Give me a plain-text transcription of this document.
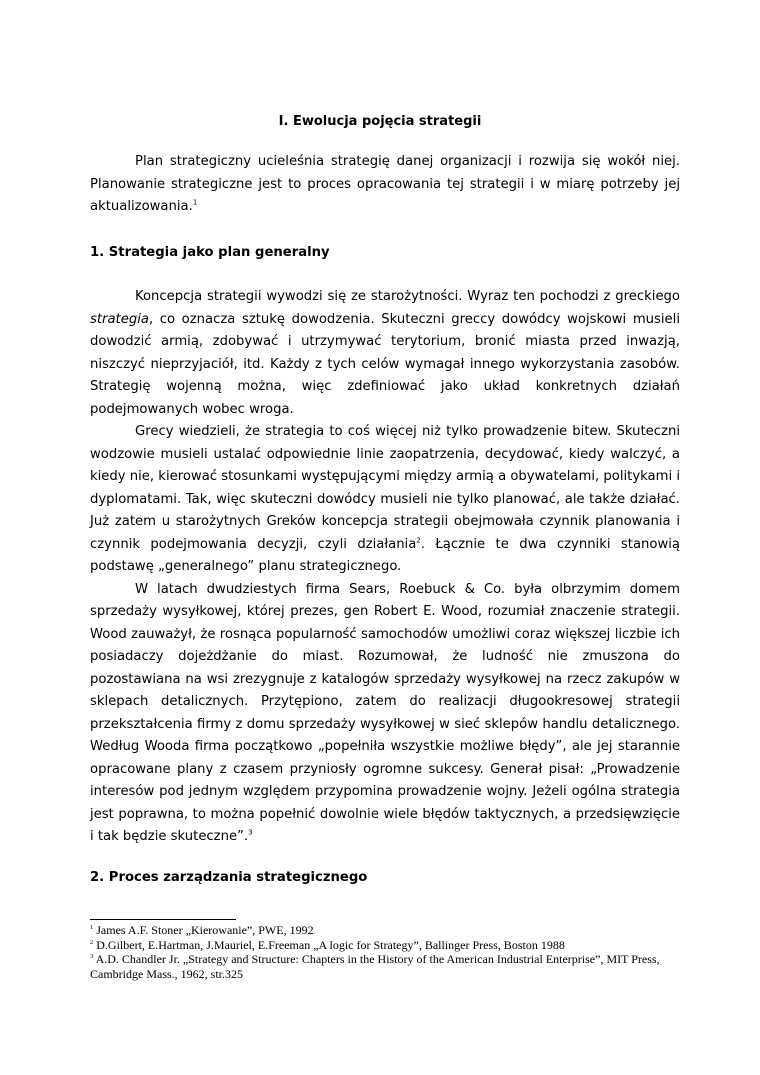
I. Ewolucja pojęcia strategii

Plan strategiczny ucieleśnia strategię danej organizacji i rozwija się wokół niej. Planowanie strategiczne jest to proces opracowania tej strategii i w miarę potrzeby jej aktualizowania.$^1$

1. Strategia jako plan generalny

Koncepcja strategii wywodzi się ze starożytności. Wyraz ten pochodzi z greckiego strategia, co oznacza sztukę dowodzenia. Skuteczni greccy dowódcy wojskowi musieli dowodzić armią, zdobywać i utrzymywać terytorium, bronić miasta przed inwazją, niszczyć nieprzyjaciół, itd. Każdy z tych celów wymagał innego wykorzystania zasobów. Strategię wojenną można, więc zdefiniować jako układ konkretnych działań podejmowanych wobec wroga.

Grecy wiedzieli, że strategia to coś więcej niż tylko prowadzenie bitew. Skuteczni wodzowie musieli ustalać odpowiednie linie zaopatrzenia, decydować, kiedy walczyć, a kiedy nie, kierować stosunkami występującymi między armią a obywatelami, politykami i dyplomatami. Tak, więc skuteczni dowódcy musieli nie tylko planować, ale także działać. Już zatem u starożytnych Greków koncepcja strategii obejmowała czynnik planowania i czynnik podejmowania decyzji, czyli działania$^2$. Łącznie te dwa czynniki stanowią podstawę „generalnego” planu strategicznego.

W latach dwudziestych firma Sears, Roebuck & Co. była olbrzymim domem sprzedaży wysyłkowej, której prezes, gen Robert E. Wood, rozumiał znaczenie strategii. Wood zauważył, że rosnąca popularność samochodów umożliwi coraz większej liczbie ich posiadaczy dojeżdżanie do miast. Rozumował, że ludność nie zmuszona do pozostawiana na wsi zrezygnuje z katalogów sprzedaży wysyłkowej na rzecz zakupów w sklepach detalicznych. Przytępiono, zatem do realizacji długookresowej strategii przekształcenia firmy z domu sprzedaży wysyłkowej w sieć sklepów handlu detalicznego. Według Wooda firma początkowo „popełniła wszystkie możliwe błędy”, ale jej starannie opracowane plany z czasem przyniosły ogromne sukcesy. Generał pisał: „Prowadzenie interesów pod jednym względem przypomina prowadzenie wojny. Jeżeli ogólna strategia jest poprawna, to można popełnić dowolnie wiele błędów taktycznych, a przedsięwzięcie i tak będzie skuteczne”.$^3$

2. Proces zarządzania strategicznego

$^1$ James A.F. Stoner „Kierowanie”, PWE, 1992

$^2$ D.Gilbert, E.Hartman, J.Mauriel, E.Freeman „A logic for Strategy”, Ballinger Press, Boston 1988

$^3$ A.D. Chandler Jr. „Strategy and Structure: Chapters in the History of the American Industrial Enterprise”, MIT Press, Cambridge Mass., 1962, str.325
